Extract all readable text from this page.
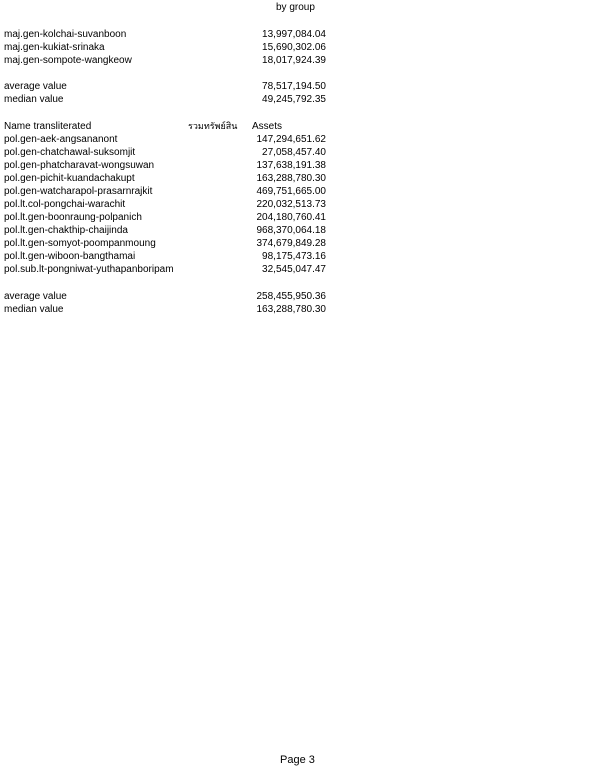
by group
maj.gen-kolchai-suvanboon	13,997,084.04
maj.gen-kukiat-srinaka	15,690,302.06
maj.gen-sompote-wangkeow	18,017,924.39
average value	78,517,194.50
median value	49,245,792.35
Name transliterated	รวมทรัพย์สิน Assets
pol.gen-aek-angsananont	147,294,651.62
pol.gen-chatchawal-suksomjit	27,058,457.40
pol.gen-phatcharavat-wongsuwan	137,638,191.38
pol.gen-pichit-kuandachakupt	163,288,780.30
pol.gen-watcharapol-prasarnrajkit	469,751,665.00
pol.lt.col-pongchai-warachit	220,032,513.73
pol.lt.gen-boonraung-polpanich	204,180,760.41
pol.lt.gen-chakthip-chaijinda	968,370,064.18
pol.lt.gen-somyot-poompanmoung	374,679,849.28
pol.lt.gen-wiboon-bangthamai	98,175,473.16
pol.sub.lt-pongniwat-yuthapanboripam	32,545,047.47
average value	258,455,950.36
median value	163,288,780.30
Page 3
